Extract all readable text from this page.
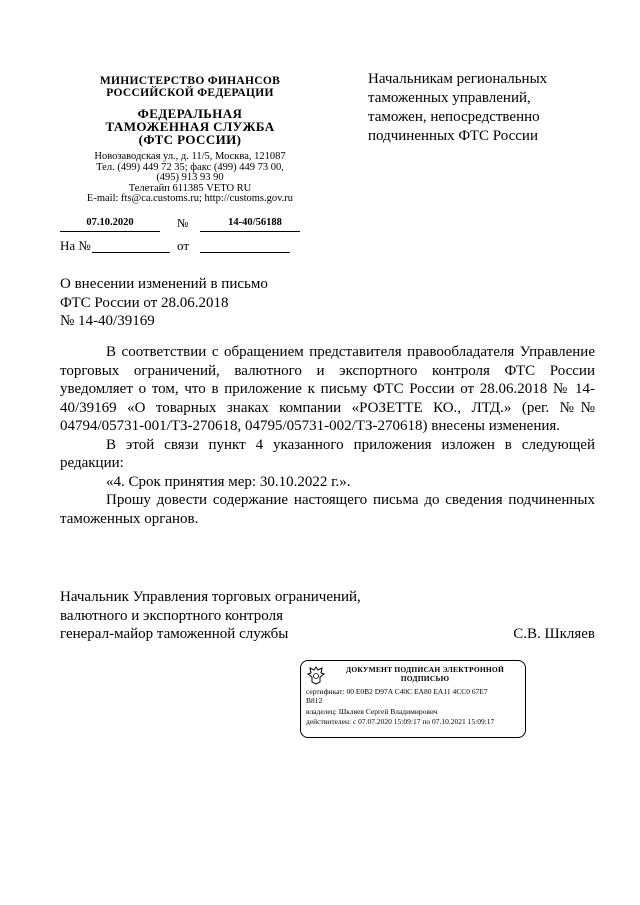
МИНИСТЕРСТВО ФИНАНСОВ
РОССИЙСКОЙ ФЕДЕРАЦИИ
ФЕДЕРАЛЬНАЯ
ТАМОЖЕННАЯ СЛУЖБА
(ФТС РОССИИ)
Новозаводская ул., д. 11/5, Москва, 121087
Тел. (499) 449 72 35; факс (499) 449 73 00,
(495) 913 93 90
Телетайп 611385 VETO RU
E-mail: fts@ca.customs.ru; http://customs.gov.ru
07.10.2020	№	14-40/56188
На №	от
Начальникам региональных
таможенных управлений,
таможен, непосредственно
подчиненных ФТС России
О внесении изменений в письмо
ФТС России от 28.06.2018
№ 14-40/39169

В соответствии с обращением представителя правообладателя Управление торговых ограничений, валютного и экспортного контроля ФТС России уведомляет о том, что в приложение к письму ФТС России от 28.06.2018 № 14-40/39169 «О товарных знаках компании «РОЗЕТТЕ КО., ЛТД.» (рег. №№ 04794/05731-001/ТЗ-270618, 04795/05731-002/ТЗ-270618) внесены изменения.

В этой связи пункт 4 указанного приложения изложен в следующей редакции:

«4. Срок принятия мер: 30.10.2022 г.».

Прошу довести содержание настоящего письма до сведения подчиненных таможенных органов.

Начальник Управления торговых ограничений,
валютного и экспортного контроля
генерал-майор таможенной службы	С.В. Шкляев
ДОКУМЕНТ ПОДПИСАН ЭЛЕКТРОННОЙ
ПОДПИСЬЮ
сертификат: 00 E0B2 D97A C40C EA80 EA11 4CC0 67E7
B812
владелец: Шкляев Сергей Владимирович
действителен: с 07.07.2020 15:09:17 по 07.10.2021 15:09:17
